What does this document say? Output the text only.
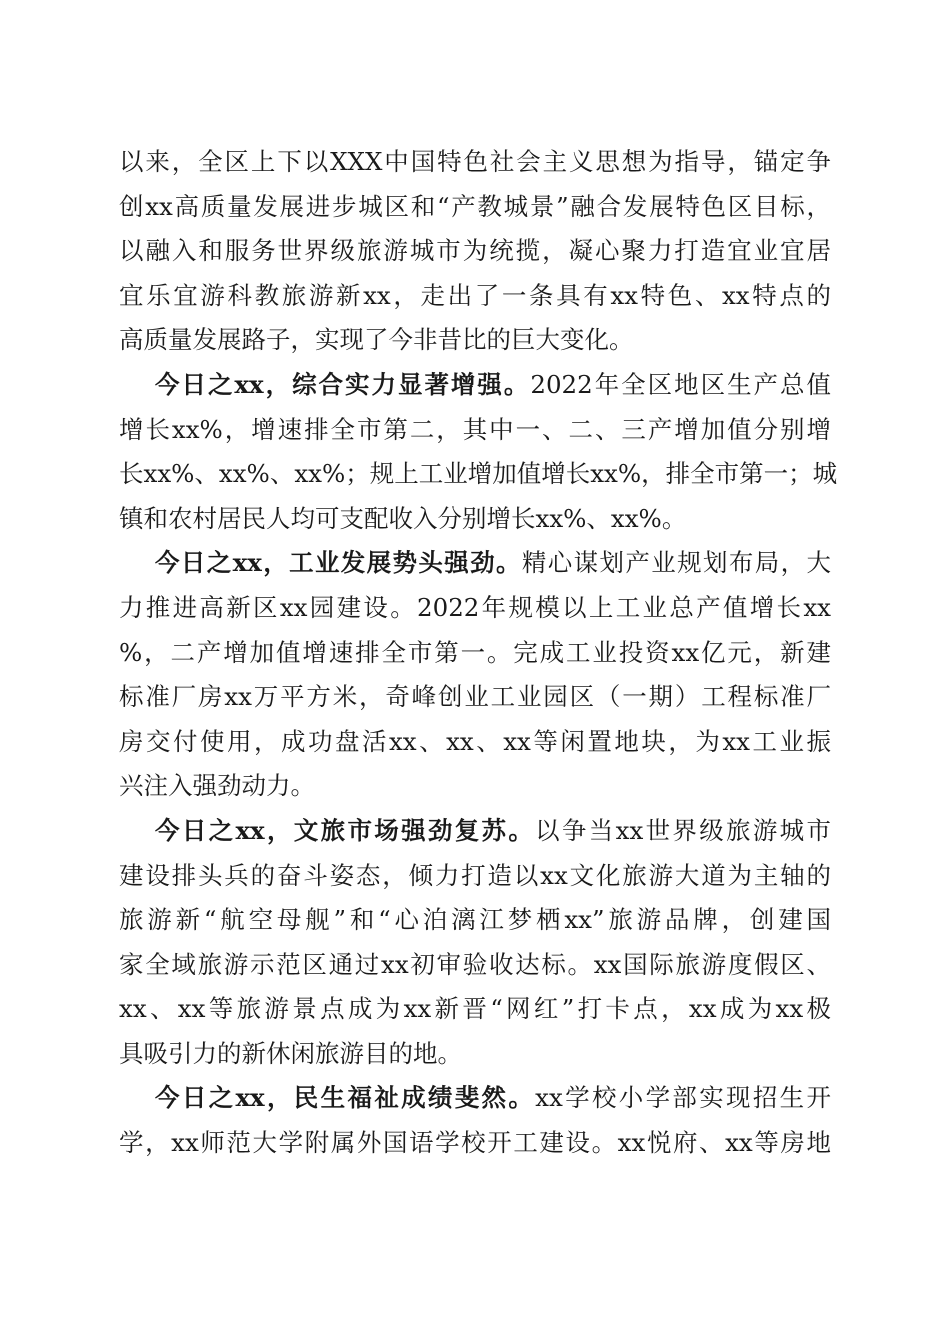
以来，全区上下以XXX中国特色社会主义思想为指导，锚定争
创xx高质量发展进步城区和“产教城景”融合发展特色区目标，
以融入和服务世界级旅游城市为统揽，凝心聚力打造宜业宜居
宜乐宜游科教旅游新xx，走出了一条具有xx特色、xx特点的
高质量发展路子，实现了今非昔比的巨大变化。
今日之xx，综合实力显著增强。2022年全区地区生产总值
增长xx%，增速排全市第二，其中一、二、三产增加值分别增
长xx%、xx%、xx%；规上工业增加值增长xx%，排全市第一；城
镇和农村居民人均可支配收入分别增长xx%、xx%。
今日之xx，工业发展势头强劲。精心谋划产业规划布局，大
力推进高新区xx园建设。2022年规模以上工业总产值增长xx
%，二产增加值增速排全市第一。完成工业投资xx亿元，新建
标准厂房xx万平方米，奇峰创业工业园区（一期）工程标准厂
房交付使用，成功盘活xx、xx、xx等闲置地块，为xx工业振
兴注入强劲动力。
今日之xx，文旅市场强劲复苏。以争当xx世界级旅游城市
建设排头兵的奋斗姿态，倾力打造以xx文化旅游大道为主轴的
旅游新“航空母舰”和“心泊漓江梦栖xx”旅游品牌，创建国
家全域旅游示范区通过xx初审验收达标。xx国际旅游度假区、
xx、xx等旅游景点成为xx新晋“网红”打卡点，xx成为xx极
具吸引力的新休闲旅游目的地。
今日之xx，民生福祉成绩斐然。xx学校小学部实现招生开
学，xx师范大学附属外国语学校开工建设。xx悦府、xx等房地
